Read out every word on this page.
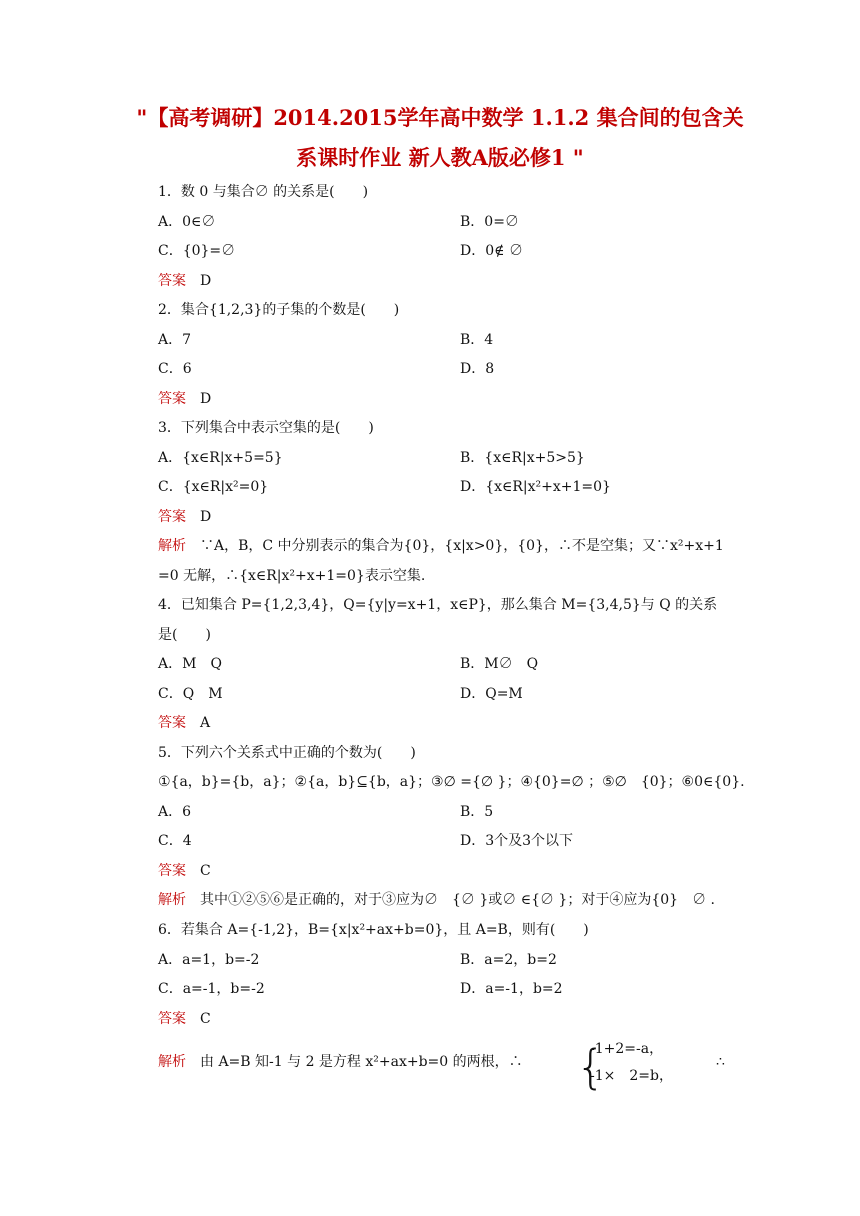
"【高考调研】2014.2015学年高中数学 1.1.2 集合间的包含关
系课时作业 新人教A版必修1 "
1．数 0 与集合∅ 的关系是(　　)
A．0∈∅	B．0=∅
C．{0}=∅	D．0∉ ∅
答案　 D
2．集合{1,2,3}的子集的个数是(　　)
A．7	B．4
C．6	D．8
答案　 D
3．下列集合中表示空集的是(　　)
A．{x∈R|x+5=5}	B．{x∈R|x+5>5}
C．{x∈R|x²=0}	D．{x∈R|x²+x+1=0}
答案　 D
解析　 ∵A，B，C 中分别表示的集合为{0}，{x|x>0}，{0}，∴不是空集；又∵x²+x+1
=0 无解，∴{x∈R|x²+x+1=0}表示空集.
4．已知集合 P={1,2,3,4}，Q={y|y=x+1，x∈P}，那么集合 M={3,4,5}与 Q 的关系
是(　　)
A．M　Q	B．M∅　Q
C．Q　M	D．Q=M
答案　 A
5．下列六个关系式中正确的个数为(　　)
①{a，b}={b，a}；②{a，b}⊆{b，a}；③∅ ={∅ }；④{0}=∅ ；⑤∅　{0}；⑥0∈{0}.
A．6	B．5
C．4	D．3个及3个以下
答案　 C
解析　 其中①②⑤⑥是正确的，对于③应为∅　{∅ }或∅ ∈{∅ }；对于④应为{0}　∅ .
6．若集合 A={-1,2}，B={x|x²+ax+b=0}，且 A=B，则有(　　)
A．a=1，b=-2	B．a=2，b=2
C．a=-1，b=-2	D．a=-1，b=2
答案　 C
解析　 由 A=B 知-1 与 2 是方程 x²+ax+b=0 的两根，∴ {
-1+2=-a，
-1×　2=b，
∴
